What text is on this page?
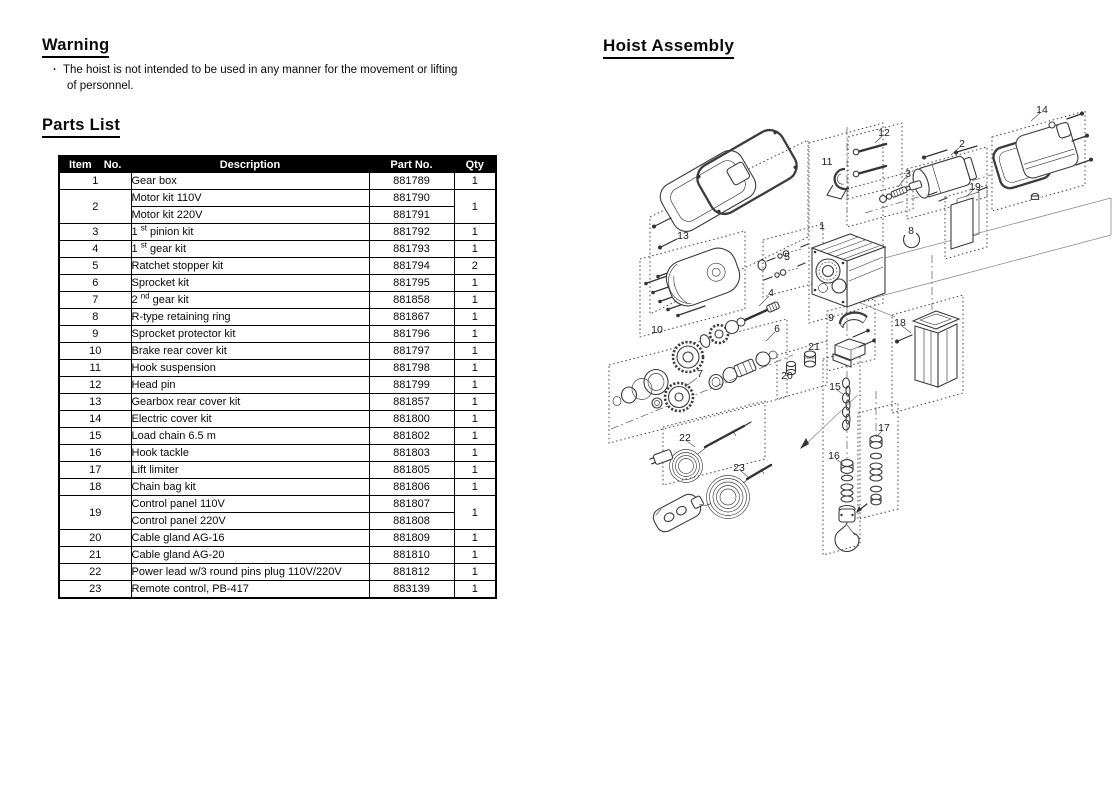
Warning
· The hoist is not intended to be used in any manner for the movement or lifting
of personnel.
Parts List
Item No.	Description	Part No.	Qty
1	Gear box	881789	1
2	Motor kit 110V	881790	1
	Motor kit 220V	881791	
3	1 $^{st}$ pinion kit	881792	1
4	1 $^{st}$ gear kit	881793	1
5	Ratchet stopper kit	881794	2
6	Sprocket kit	881795	1
7	2 $^{nd}$ gear kit	881858	1
8	R-type retaining ring	881867	1
9	Sprocket protector kit	881796	1
10	Brake rear cover kit	881797	1
11	Hook suspension	881798	1
12	Head pin	881799	1
13	Gearbox rear cover kit	881857	1
14	Electric cover kit	881800	1
15	Load chain 6.5 m	881802	1
16	Hook tackle	881803	1
17	Lift limiter	881805	1
18	Chain bag kit	881806	1
19	Control panel 110V	881807	1
	Control panel 220V	881808	
20	Cable gland AG-16	881809	1
21	Cable gland AG-20	881810	1
22	Power lead w/3 round pins plug 110V/220V	881812	1
23	Remote control, PB-417	883139	1
Hoist Assembly
1
2
3
4
5
6
7
8
9
10
11
12
13
14
15
16
17
18
19
20
21
22
23
